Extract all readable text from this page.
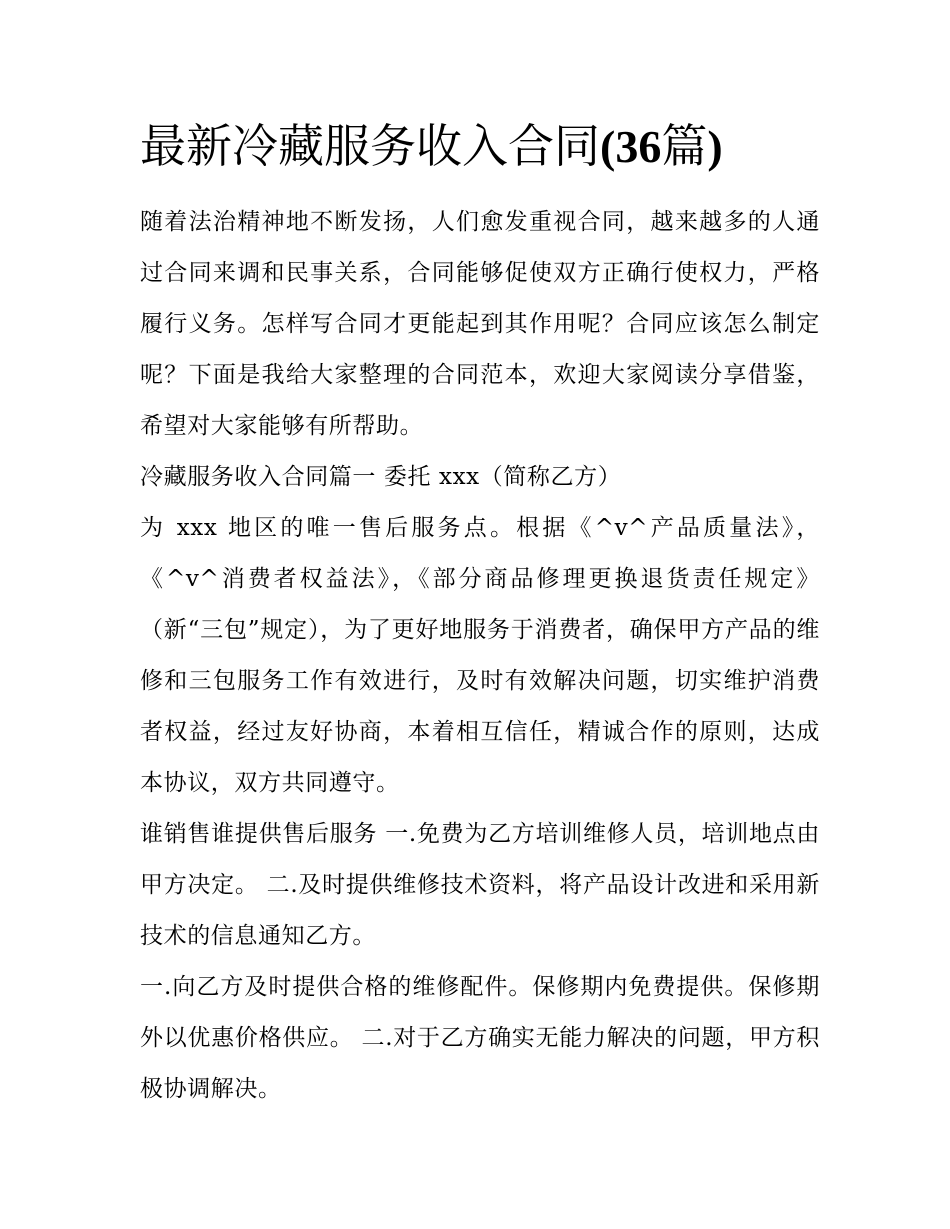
最新冷藏服务收入合同(36篇)

随着法治精神地不断发扬，人们愈发重视合同，越来越多的人通过合同来调和民事关系，合同能够促使双方正确行使权力，严格履行义务。怎样写合同才更能起到其作用呢？合同应该怎么制定呢？下面是我给大家整理的合同范本，欢迎大家阅读分享借鉴，希望对大家能够有所帮助。

冷藏服务收入合同篇一 委托 xxx（简称乙方）

为 xxx 地区的唯一售后服务点。根据《^v^产品质量法》，《^v^消费者权益法》，《部分商品修理更换退货责任规定》（新“三包”规定），为了更好地服务于消费者，确保甲方产品的维修和三包服务工作有效进行，及时有效解决问题，切实维护消费者权益，经过友好协商，本着相互信任，精诚合作的原则，达成本协议，双方共同遵守。

谁销售谁提供售后服务 一.免费为乙方培训维修人员，培训地点由甲方决定。 二.及时提供维修技术资料，将产品设计改进和采用新技术的信息通知乙方。

一.向乙方及时提供合格的维修配件。保修期内免费提供。保修期外以优惠价格供应。 二.对于乙方确实无能力解决的问题，甲方积极协调解决。
